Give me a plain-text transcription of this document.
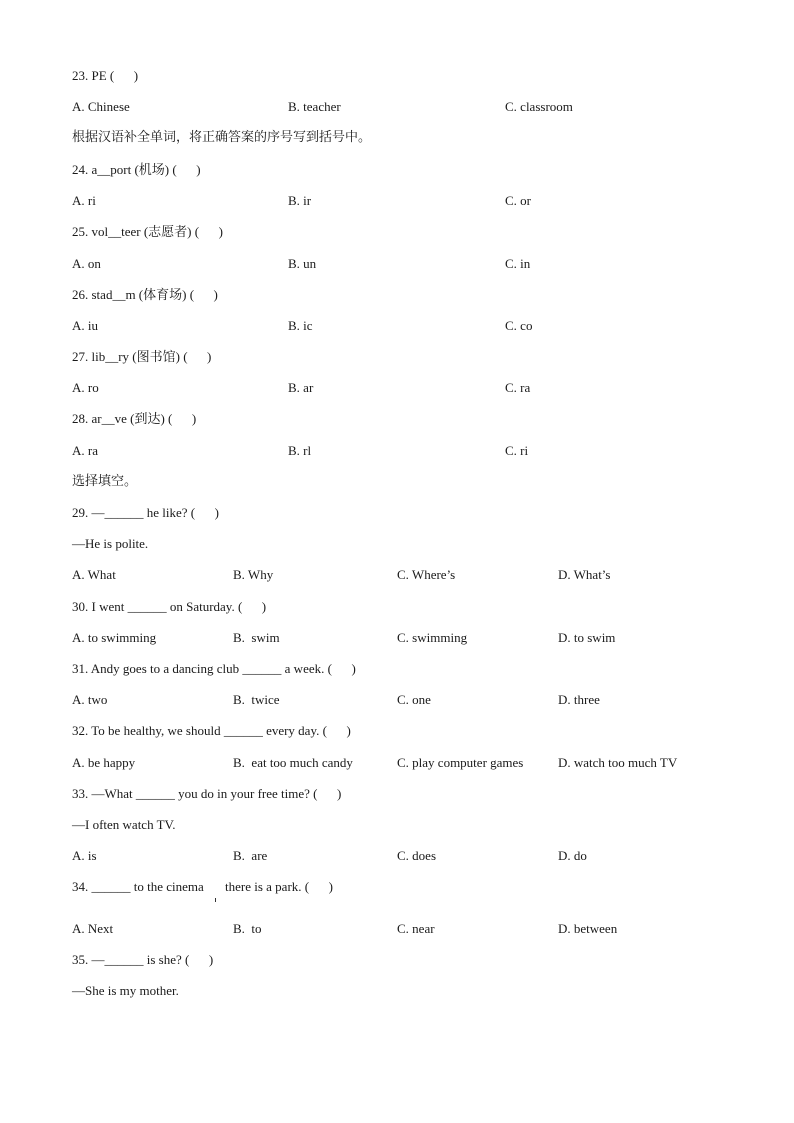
23. PE (      )
A. Chinese	B. teacher	C. classroom
根据汉语补全单词，将正确答案的序号写到括号中。
24. a__port (机场) (      )
A. ri	B. ir	C. or
25. vol__teer (志愿者) (      )
A. on	B. un	C. in
26. stad__m (体育场) (      )
A. iu	B. ic	C. co
27. lib__ry (图书馆) (      )
A. ro	B. ar	C. ra
28. ar__ve (到达) (      )
A. ra	B. rl	C. ri
选择填空。
29. —______ he like? (      )
—He is polite.
A. What	B. Why	C. Where’s	D. What’s
30. I went ______ on Saturday. (      )
A. to swimming	B.  swim	C. swimming	D. to swim
31. Andy goes to a dancing club ______ a week. (      )
A. two	B.  twice	C. one	D. three
32. To be healthy, we should ______ every day. (      )
A. be happy	B.  eat too much candy	C. play computer games	D. watch too much TV
33. —What ______ you do in your free time? (      )
—I often watch TV.
A. is	B.  are	C. does	D. do
34. ______ to the cinema there is a park. (      )
A. Next	B.  to	C. near	D. between
35. —______ is she? (      )
—She is my mother.
